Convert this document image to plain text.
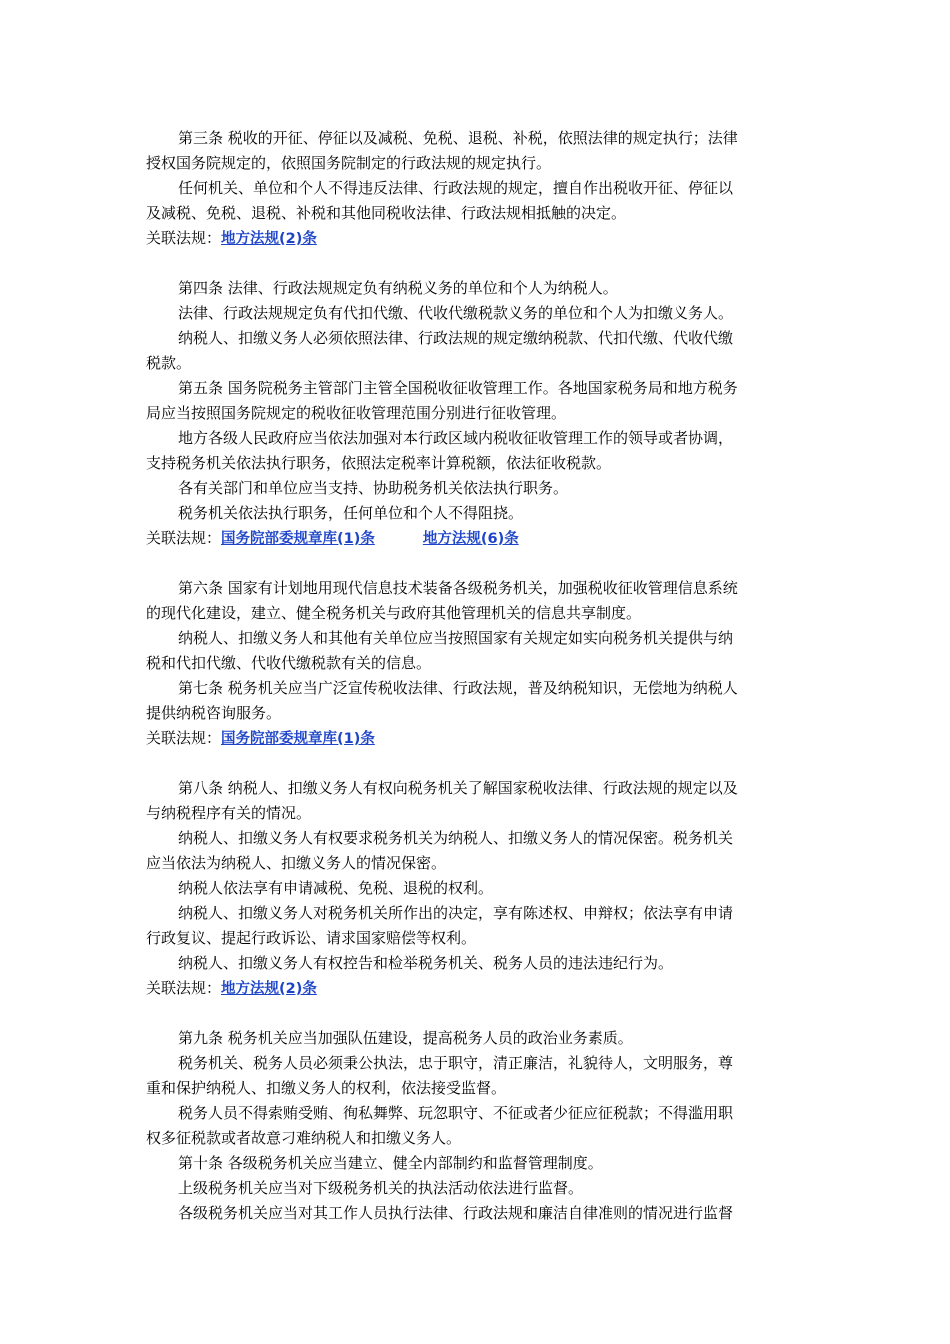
第三条 税收的开征、停征以及减税、免税、退税、补税，依照法律的规定执行；法律
授权国务院规定的，依照国务院制定的行政法规的规定执行。
任何机关、单位和个人不得违反法律、行政法规的规定，擅自作出税收开征、停征以
及减税、免税、退税、补税和其他同税收法律、行政法规相抵触的决定。
关联法规：地方法规(2)条
第四条 法律、行政法规规定负有纳税义务的单位和个人为纳税人。
法律、行政法规规定负有代扣代缴、代收代缴税款义务的单位和个人为扣缴义务人。
纳税人、扣缴义务人必须依照法律、行政法规的规定缴纳税款、代扣代缴、代收代缴
税款。
第五条 国务院税务主管部门主管全国税收征收管理工作。各地国家税务局和地方税务
局应当按照国务院规定的税收征收管理范围分别进行征收管理。
地方各级人民政府应当依法加强对本行政区域内税收征收管理工作的领导或者协调，
支持税务机关依法执行职务，依照法定税率计算税额，依法征收税款。
各有关部门和单位应当支持、协助税务机关依法执行职务。
税务机关依法执行职务，任何单位和个人不得阻挠。
关联法规：国务院部委规章库(1)条	地方法规(6)条
第六条 国家有计划地用现代信息技术装备各级税务机关，加强税收征收管理信息系统
的现代化建设，建立、健全税务机关与政府其他管理机关的信息共享制度。
纳税人、扣缴义务人和其他有关单位应当按照国家有关规定如实向税务机关提供与纳
税和代扣代缴、代收代缴税款有关的信息。
第七条 税务机关应当广泛宣传税收法律、行政法规，普及纳税知识，无偿地为纳税人
提供纳税咨询服务。
关联法规：国务院部委规章库(1)条
第八条 纳税人、扣缴义务人有权向税务机关了解国家税收法律、行政法规的规定以及
与纳税程序有关的情况。
纳税人、扣缴义务人有权要求税务机关为纳税人、扣缴义务人的情况保密。税务机关
应当依法为纳税人、扣缴义务人的情况保密。
纳税人依法享有申请减税、免税、退税的权利。
纳税人、扣缴义务人对税务机关所作出的决定，享有陈述权、申辩权；依法享有申请
行政复议、提起行政诉讼、请求国家赔偿等权利。
纳税人、扣缴义务人有权控告和检举税务机关、税务人员的违法违纪行为。
关联法规：地方法规(2)条
第九条 税务机关应当加强队伍建设，提高税务人员的政治业务素质。
税务机关、税务人员必须秉公执法，忠于职守，清正廉洁，礼貌待人，文明服务，尊
重和保护纳税人、扣缴义务人的权利，依法接受监督。
税务人员不得索贿受贿、徇私舞弊、玩忽职守、不征或者少征应征税款；不得滥用职
权多征税款或者故意刁难纳税人和扣缴义务人。
第十条 各级税务机关应当建立、健全内部制约和监督管理制度。
上级税务机关应当对下级税务机关的执法活动依法进行监督。
各级税务机关应当对其工作人员执行法律、行政法规和廉洁自律准则的情况进行监督
